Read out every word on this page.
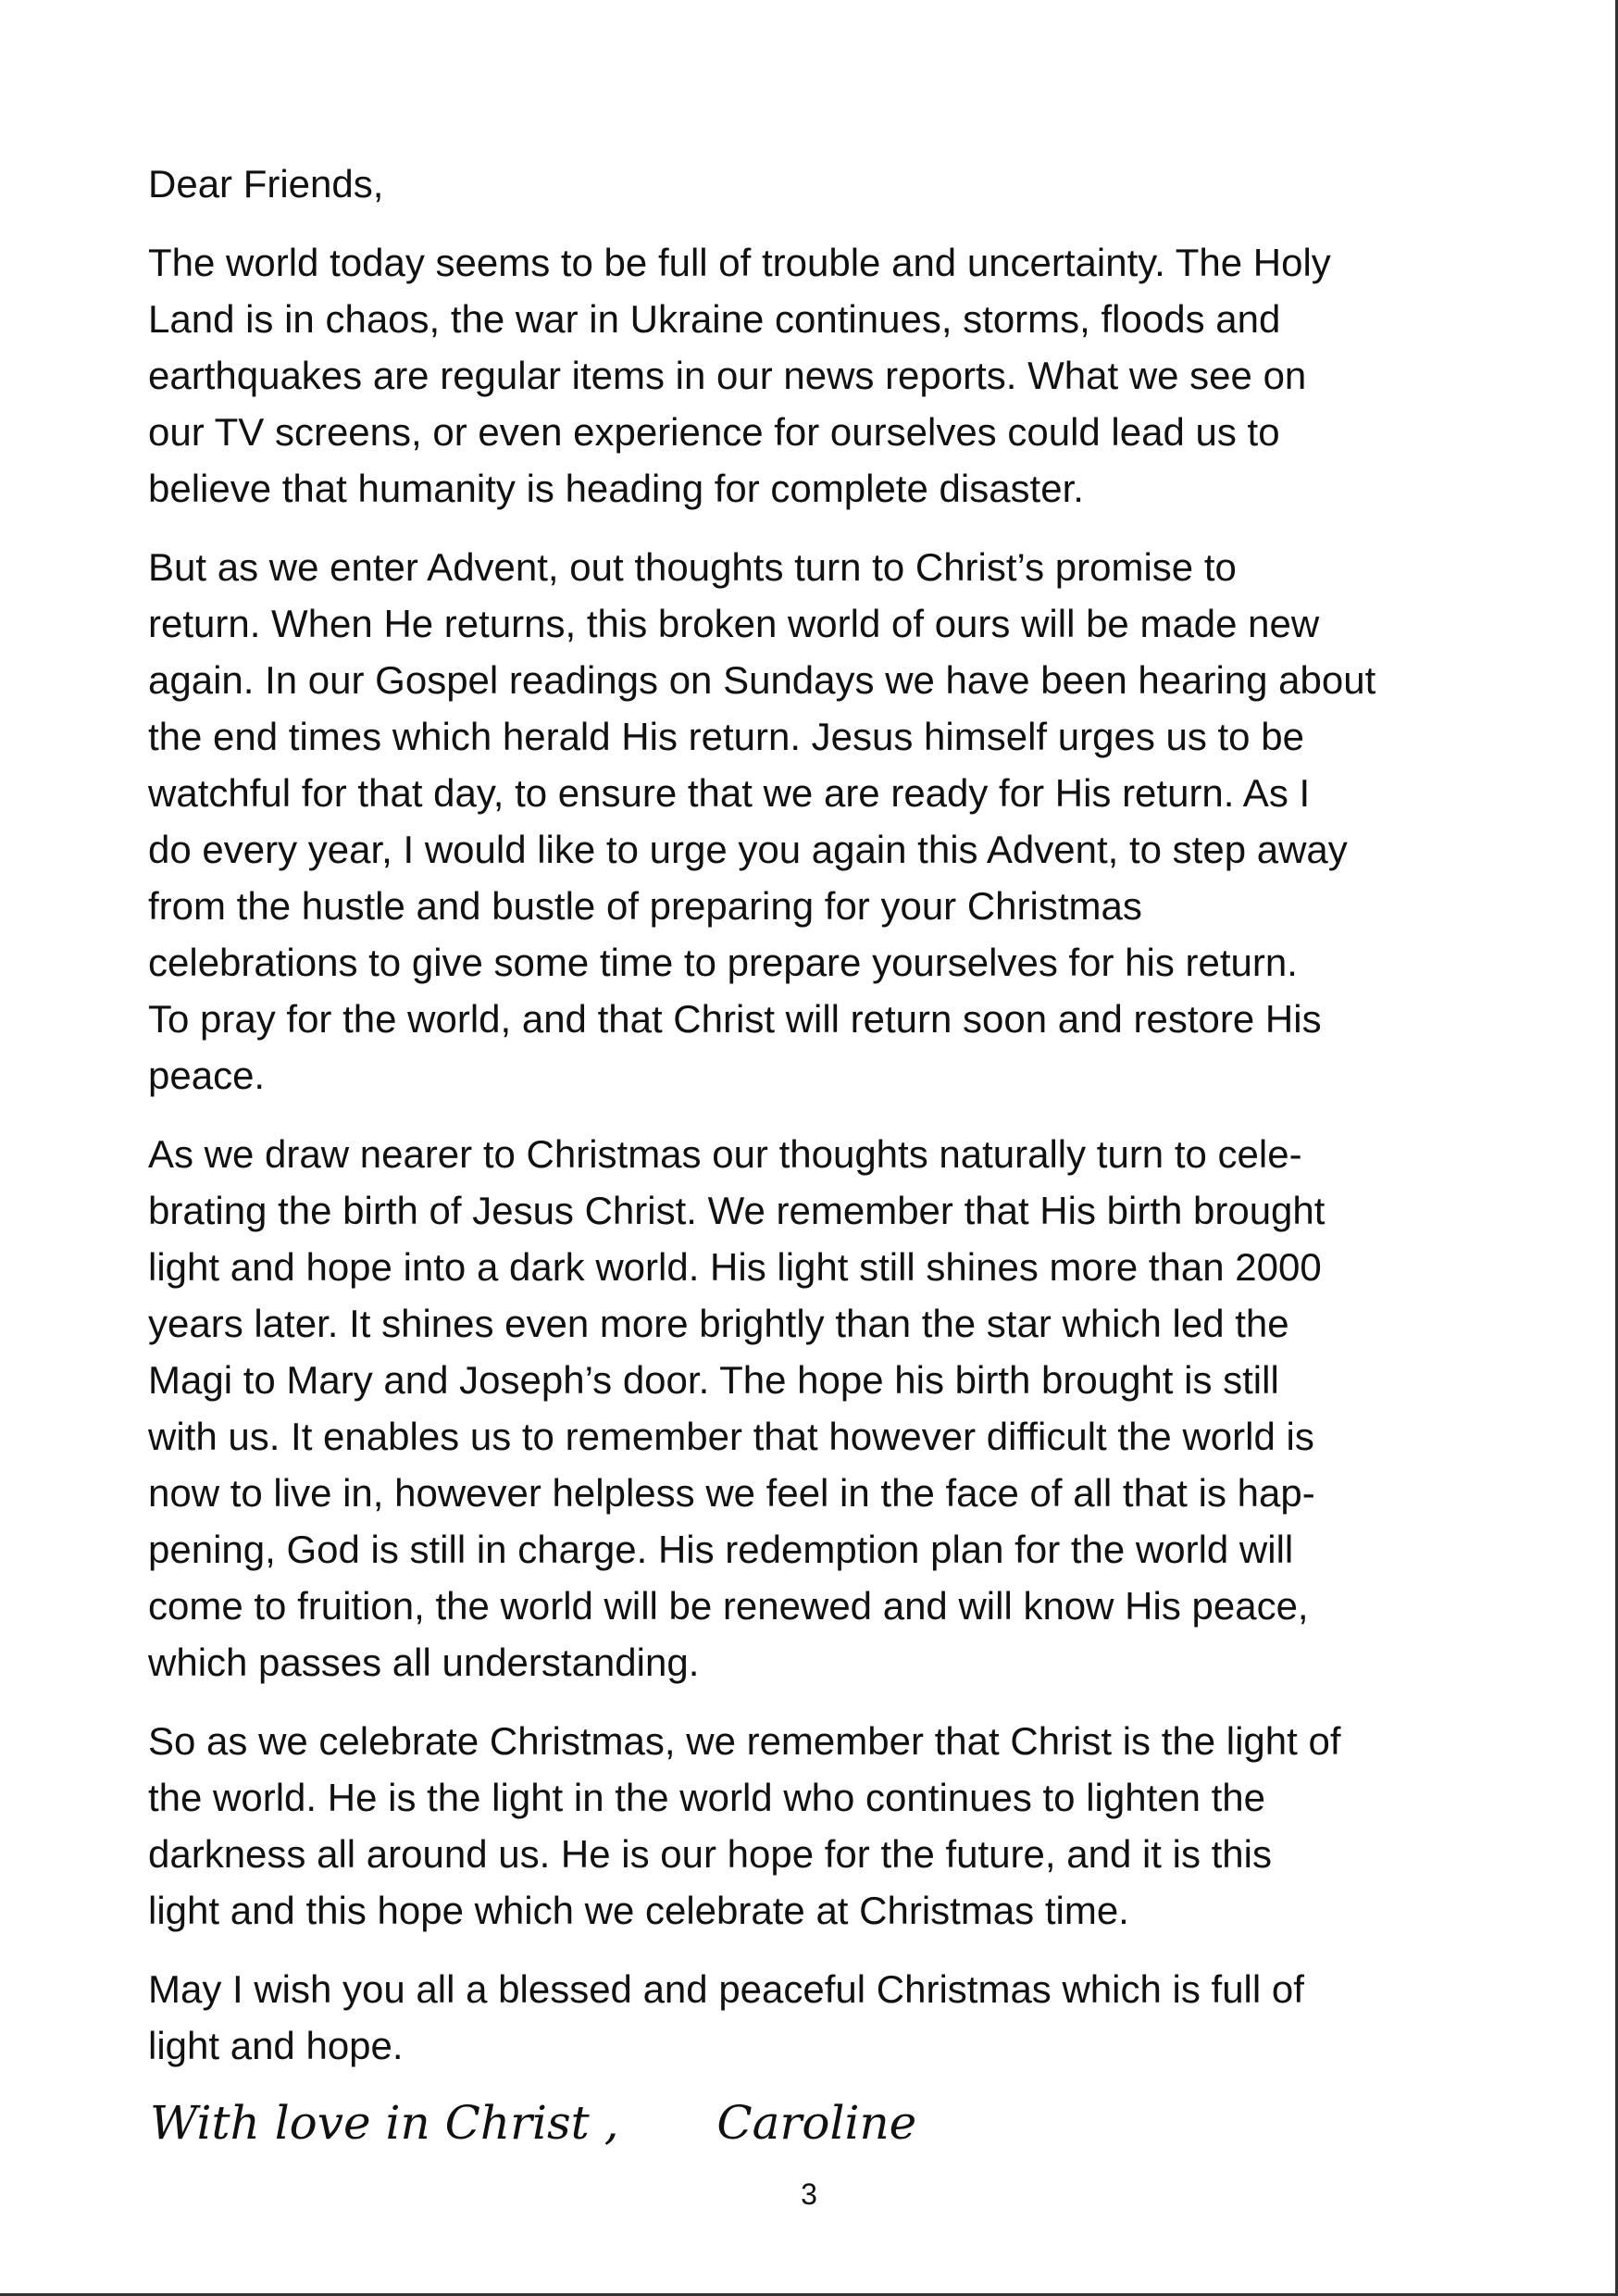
Dear Friends,

The world today seems to be full of trouble and uncertainty. The Holy
Land is in chaos, the war in Ukraine continues, storms, floods and
earthquakes are regular items in our news reports. What we see on
our TV screens, or even experience for ourselves could lead us to
believe that humanity is heading for complete disaster.

But as we enter Advent, out thoughts turn to Christ’s promise to
return. When He returns, this broken world of ours will be made new
again. In our Gospel readings on Sundays we have been hearing about
the end times which herald His return. Jesus himself urges us to be
watchful for that day, to ensure that we are ready for His return. As I
do every year, I would like to urge you again this Advent, to step away
from the hustle and bustle of preparing for your Christmas
celebrations to give some time to prepare yourselves for his return.
To pray for the world, and that Christ will return soon and restore His
peace.

As we draw nearer to Christmas our thoughts naturally turn to cele-
brating the birth of Jesus Christ. We remember that His birth brought
light and hope into a dark world. His light still shines more than 2000
years later. It shines even more brightly than the star which led the
Magi to Mary and Joseph’s door. The hope his birth brought is still
with us. It enables us to remember that however difficult the world is
now to live in, however helpless we feel in the face of all that is hap-
pening, God is still in charge. His redemption plan for the world will
come to fruition, the world will be renewed and will know His peace,
which passes all understanding.

So as we celebrate Christmas, we remember that Christ is the light of
the world. He is the light in the world who continues to lighten the
darkness all around us. He is our hope for the future, and it is this
light and this hope which we celebrate at Christmas time.

May I wish you all a blessed and peaceful Christmas which is full of
light and hope.

With love in Christ , Caroline
3
